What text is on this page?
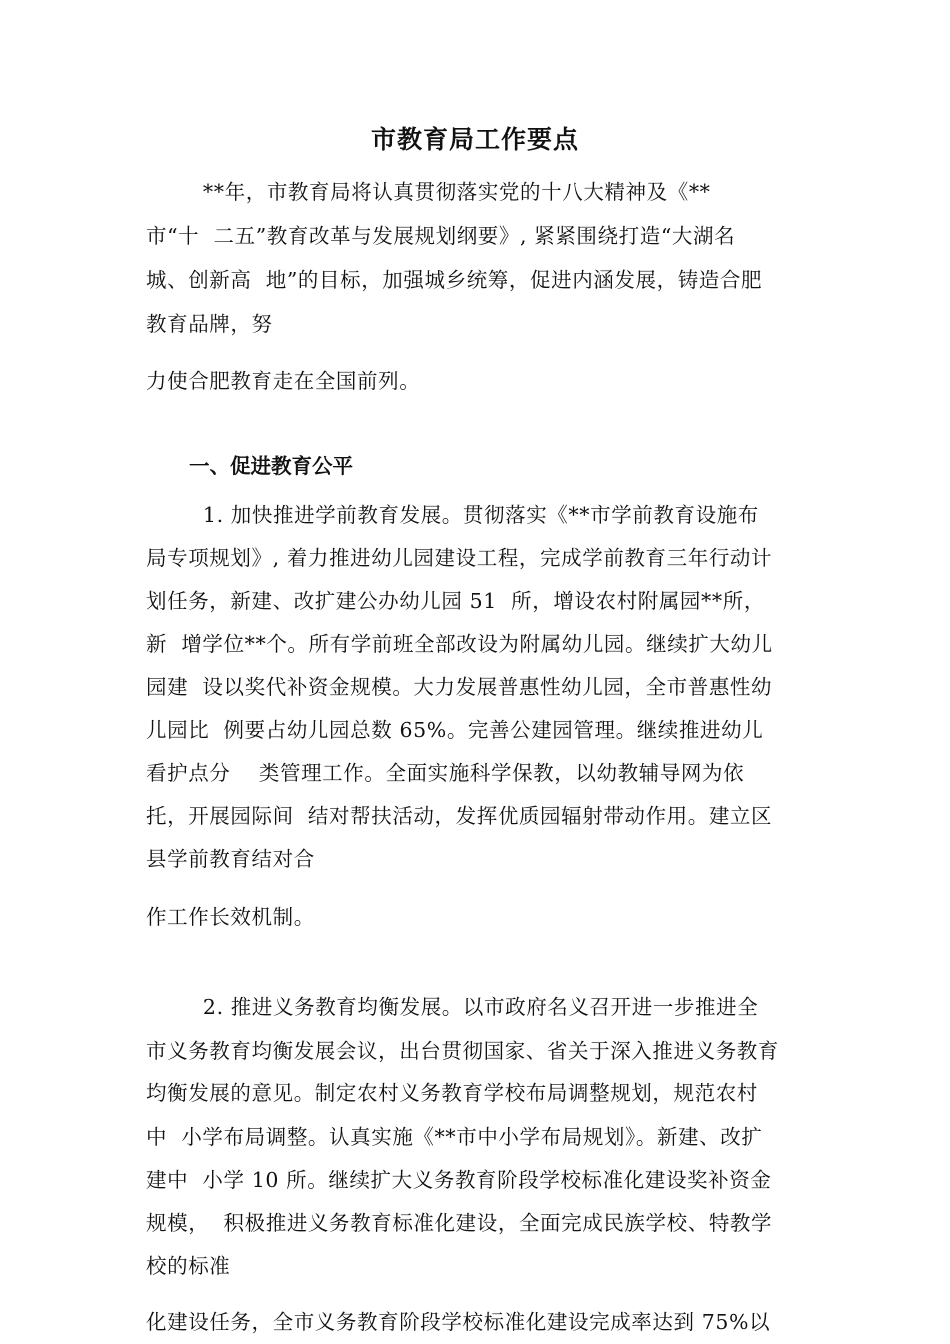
市教育局工作要点
**年，市教育局将认真贯彻落实党的十八大精神及《**
市“十  二五”教育改革与发展规划纲要》, 紧紧围绕打造“大湖名
城、创新高  地”的目标，加强城乡统筹，促进内涵发展，铸造合肥
教育品牌，努
力使合肥教育走在全国前列。
一、促进教育公平
1. 加快推进学前教育发展。贯彻落实《**市学前教育设施布
局专项规划》, 着力推进幼儿园建设工程，完成学前教育三年行动计
划任务，新建、改扩建公办幼儿园 51  所，增设农村附属园**所，
新  增学位**个。所有学前班全部改设为附属幼儿园。继续扩大幼儿
园建  设以奖代补资金规模。大力发展普惠性幼儿园，全市普惠性幼
儿园比  例要占幼儿园总数 65%。完善公建园管理。继续推进幼儿
看护点分    类管理工作。全面实施科学保教，以幼教辅导网为依
托，开展园际间  结对帮扶活动，发挥优质园辐射带动作用。建立区
县学前教育结对合
作工作长效机制。
2. 推进义务教育均衡发展。以市政府名义召开进一步推进全
市义务教育均衡发展会议，出台贯彻国家、省关于深入推进义务教育
均衡发展的意见。制定农村义务教育学校布局调整规划，规范农村
中  小学布局调整。认真实施《**市中小学布局规划》。新建、改扩
建中  小学 10 所。继续扩大义务教育阶段学校标准化建设奖补资金
规模，  积极推进义务教育标准化建设，全面完成民族学校、特教学
校的标准
化建设任务，全市义务教育阶段学校标准化建设完成率达到 75%以
